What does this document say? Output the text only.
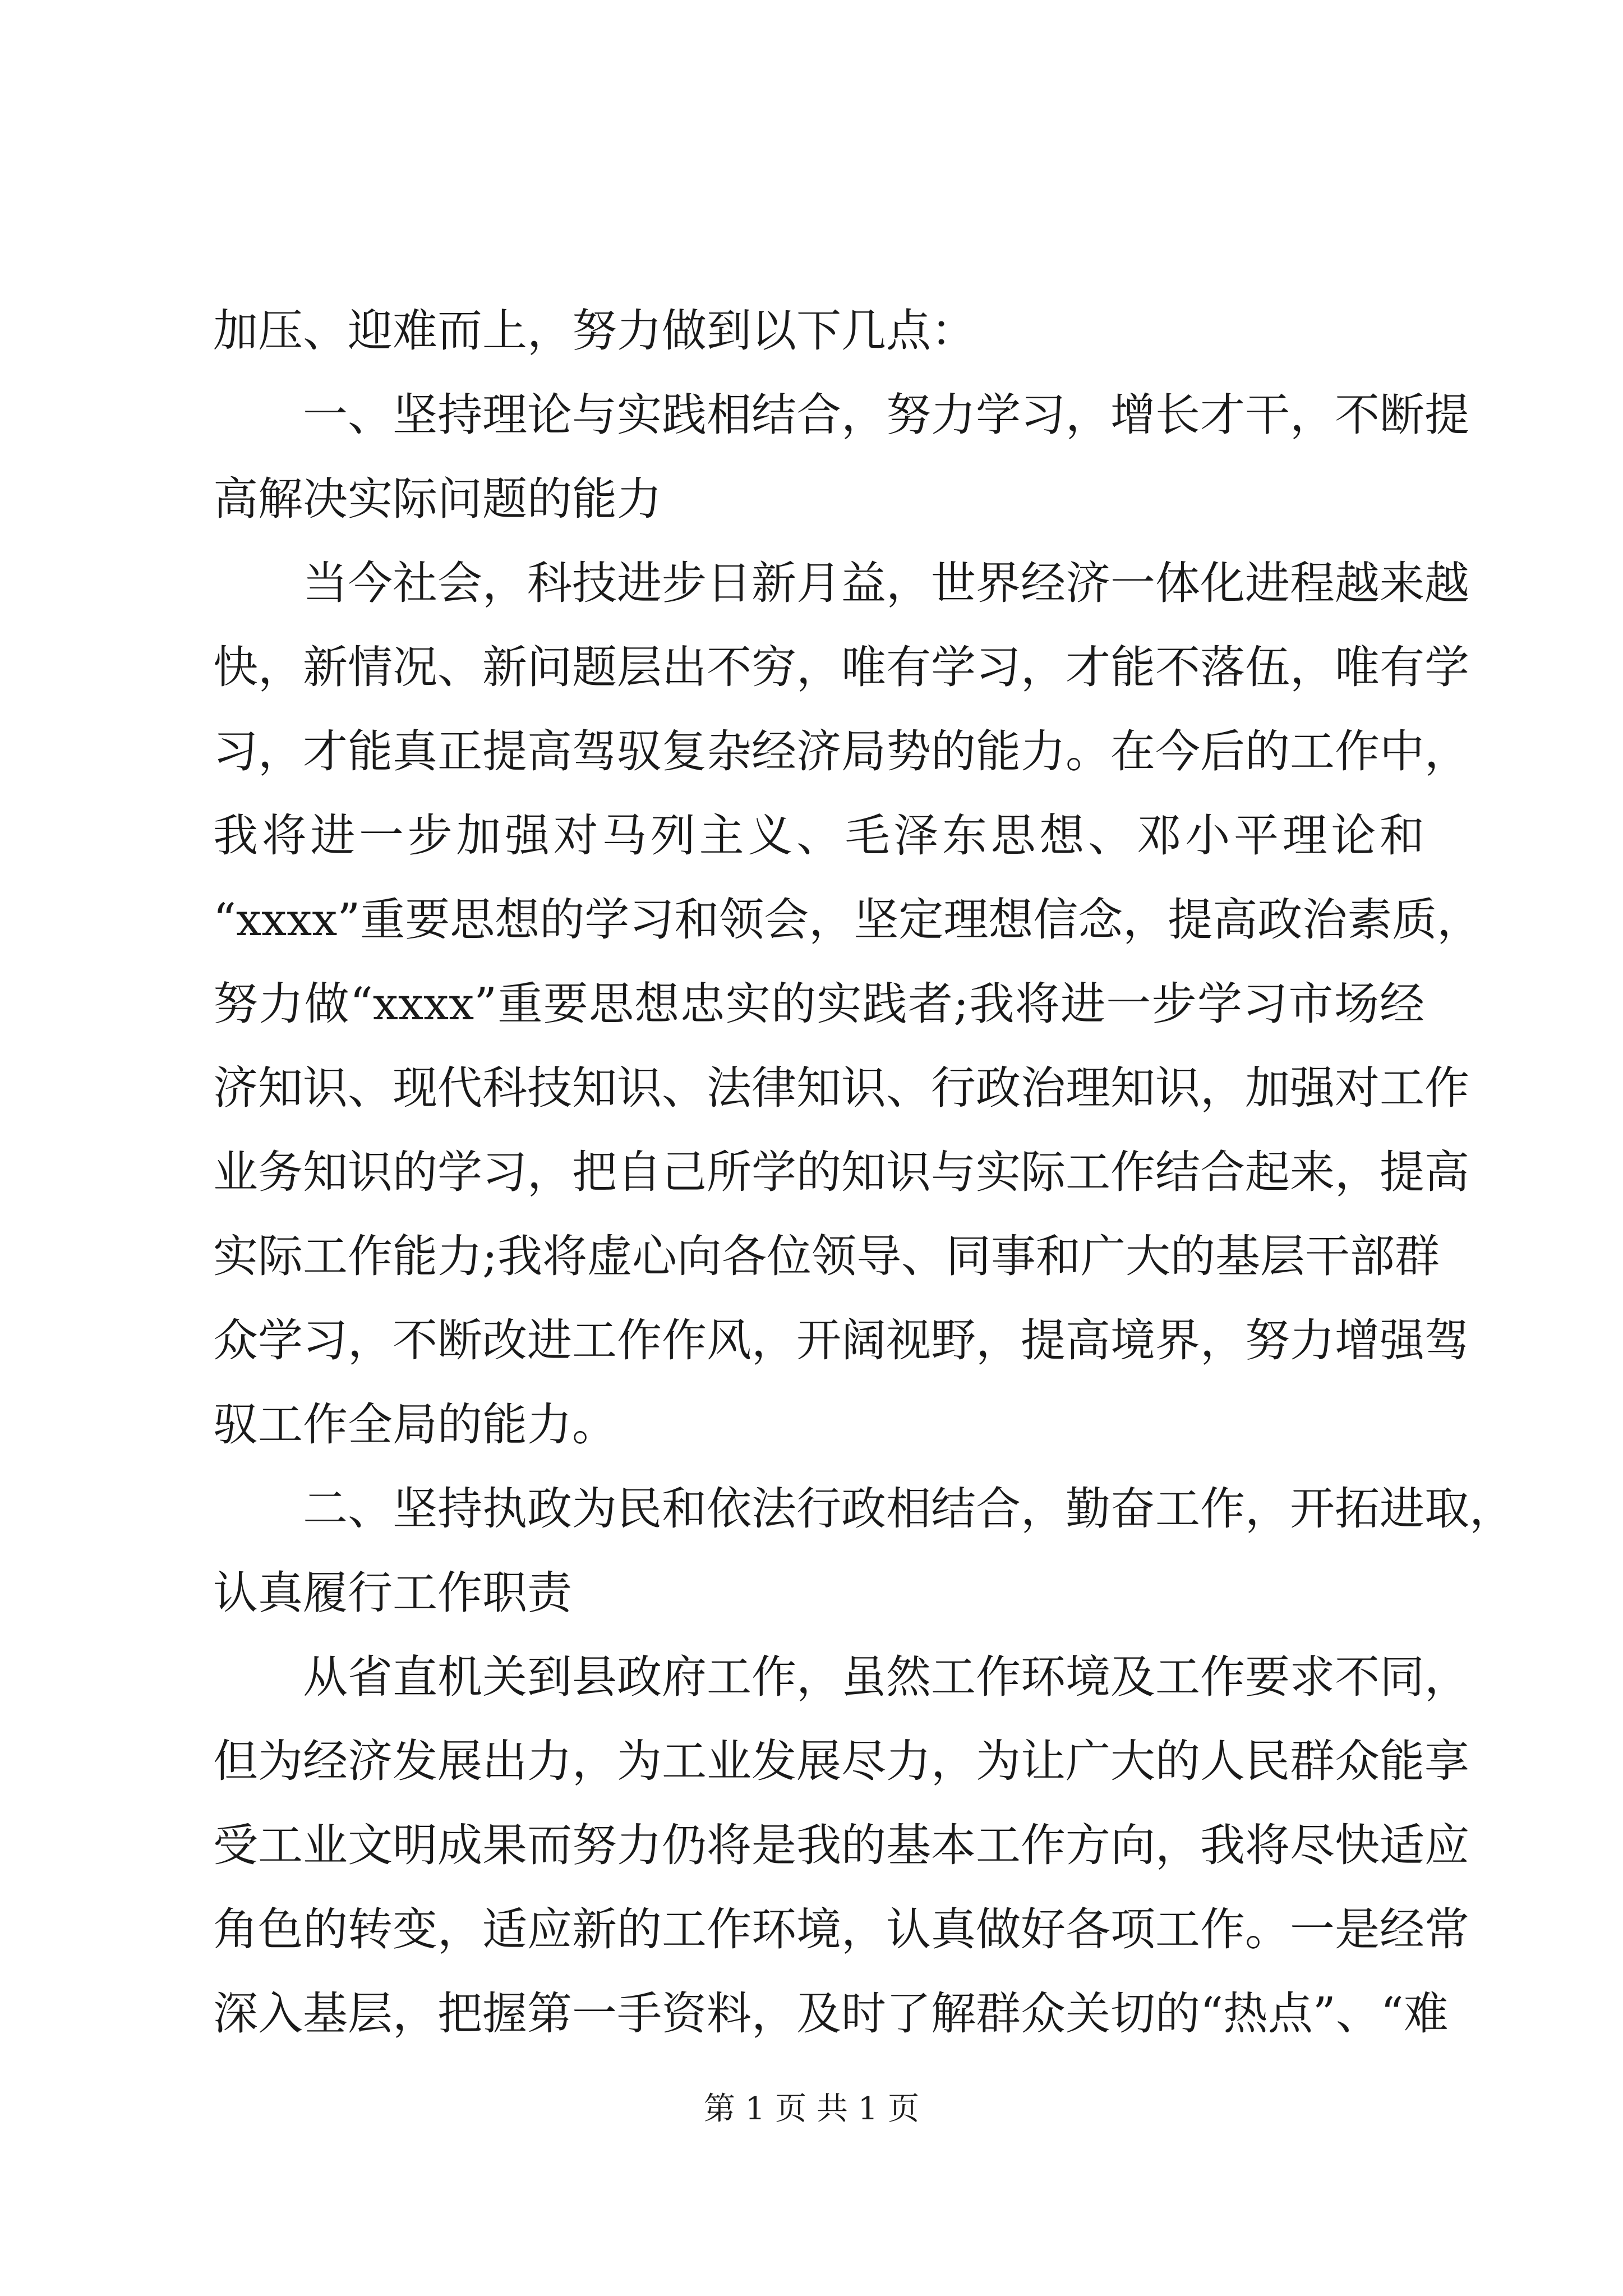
加压、迎难而上，努力做到以下几点：
一、坚持理论与实践相结合，努力学习，增长才干，不断提
高解决实际问题的能力
当今社会，科技进步日新月益，世界经济一体化进程越来越
快，新情况、新问题层出不穷，唯有学习，才能不落伍，唯有学
习，才能真正提高驾驭复杂经济局势的能力。在今后的工作中，
我将进一步加强对马列主义、毛泽东思想、邓小平理论和
“xxxx”重要思想的学习和领会，坚定理想信念，提高政治素质，
努力做“xxxx”重要思想忠实的实践者;我将进一步学习市场经
济知识、现代科技知识、法律知识、行政治理知识，加强对工作
业务知识的学习，把自己所学的知识与实际工作结合起来，提高
实际工作能力;我将虚心向各位领导、同事和广大的基层干部群
众学习，不断改进工作作风，开阔视野，提高境界，努力增强驾
驭工作全局的能力。
二、坚持执政为民和依法行政相结合，勤奋工作，开拓进取，
认真履行工作职责
从省直机关到县政府工作，虽然工作环境及工作要求不同，
但为经济发展出力，为工业发展尽力，为让广大的人民群众能享
受工业文明成果而努力仍将是我的基本工作方向，我将尽快适应
角色的转变，适应新的工作环境，认真做好各项工作。一是经常
深入基层，把握第一手资料，及时了解群众关切的“热点”、“难
第 1 页 共 1 页
